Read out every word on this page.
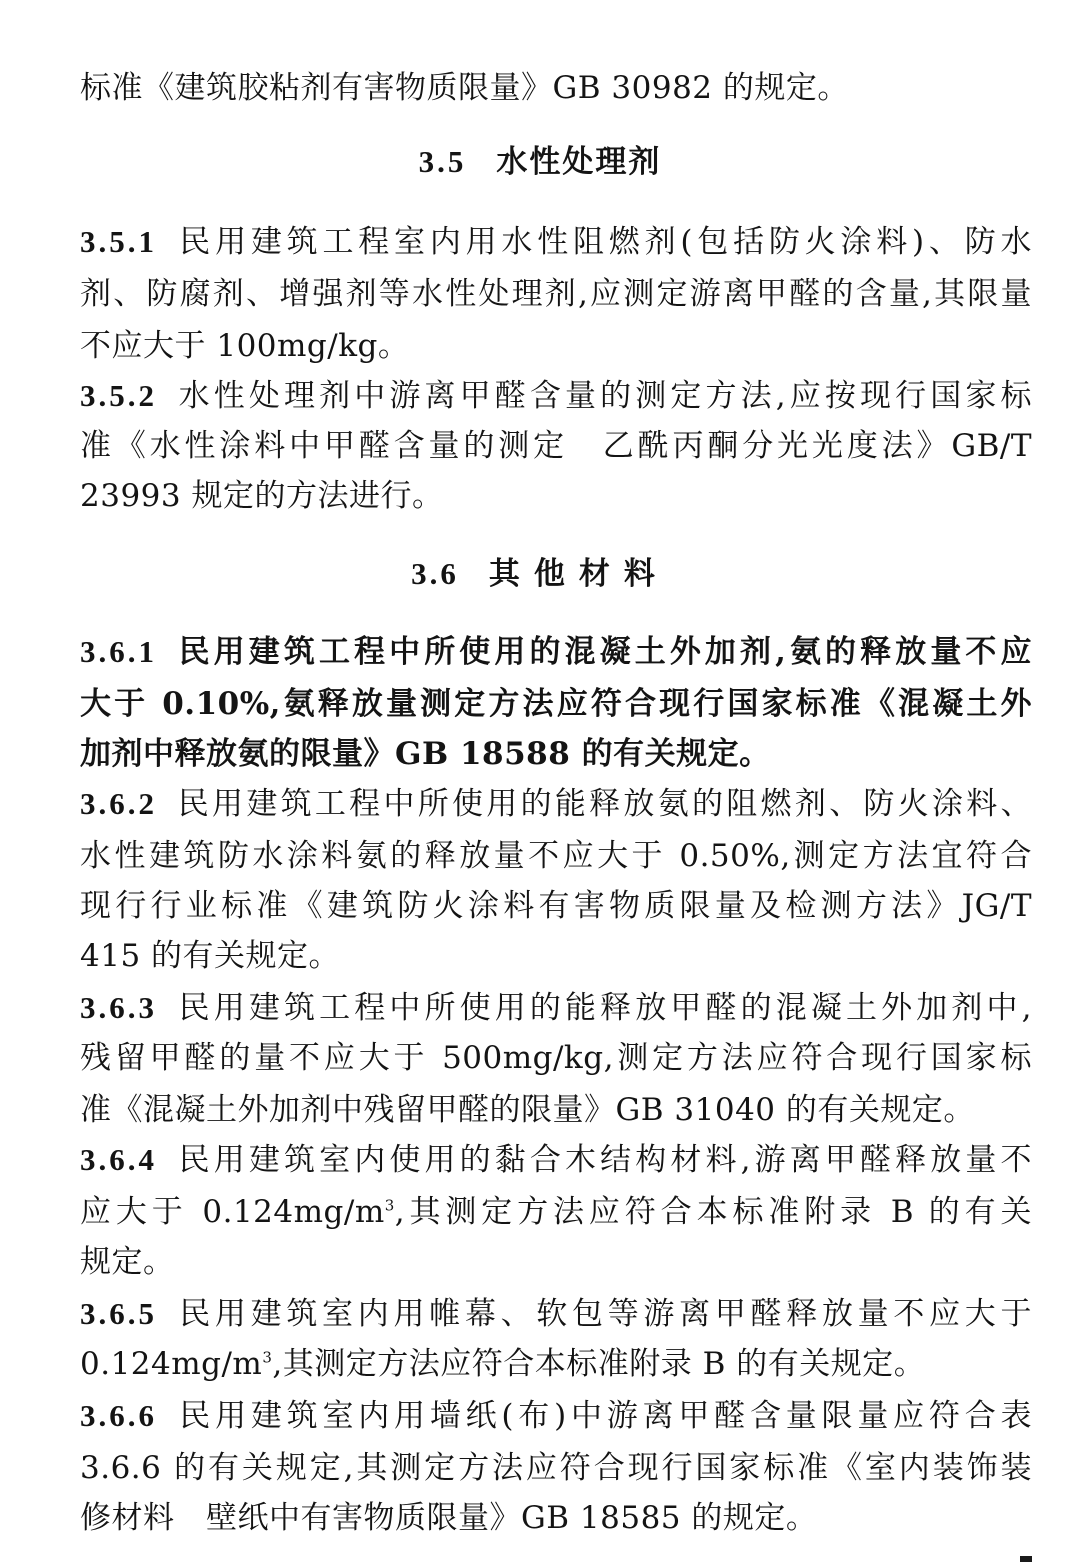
标准《建筑胶粘剂有害物质限量》GB 30982 的规定。
3.5 水性处理剂
3.5.1 民用建筑工程室内用水性阻燃剂(包括防火涂料)、防水
剂、防腐剂、增强剂等水性处理剂,应测定游离甲醛的含量,其限量
不应大于 100mg/kg。
3.5.2 水性处理剂中游离甲醛含量的测定方法,应按现行国家标
准《水性涂料中甲醛含量的测定　乙酰丙酮分光光度法》GB/T
23993 规定的方法进行。
3.6 其他材料
3.6.1 民用建筑工程中所使用的混凝土外加剂,氨的释放量不应
大于 0.10%,氨释放量测定方法应符合现行国家标准《混凝土外
加剂中释放氨的限量》GB 18588 的有关规定。
3.6.2 民用建筑工程中所使用的能释放氨的阻燃剂、防火涂料、
水性建筑防水涂料氨的释放量不应大于 0.50%,测定方法宜符合
现行行业标准《建筑防火涂料有害物质限量及检测方法》JG/T
415 的有关规定。
3.6.3 民用建筑工程中所使用的能释放甲醛的混凝土外加剂中,
残留甲醛的量不应大于 500mg/kg,测定方法应符合现行国家标
准《混凝土外加剂中残留甲醛的限量》GB 31040 的有关规定。
3.6.4 民用建筑室内使用的黏合木结构材料,游离甲醛释放量不
应大于 $0.124mg/m^3$,其测定方法应符合本标准附录 B 的有关
规定。
3.6.5 民用建筑室内用帷幕、软包等游离甲醛释放量不应大于
$0.124mg/m^3$,其测定方法应符合本标准附录 B 的有关规定。
3.6.6 民用建筑室内用墙纸(布)中游离甲醛含量限量应符合表
3.6.6 的有关规定,其测定方法应符合现行国家标准《室内装饰装
修材料　壁纸中有害物质限量》GB 18585 的规定。
